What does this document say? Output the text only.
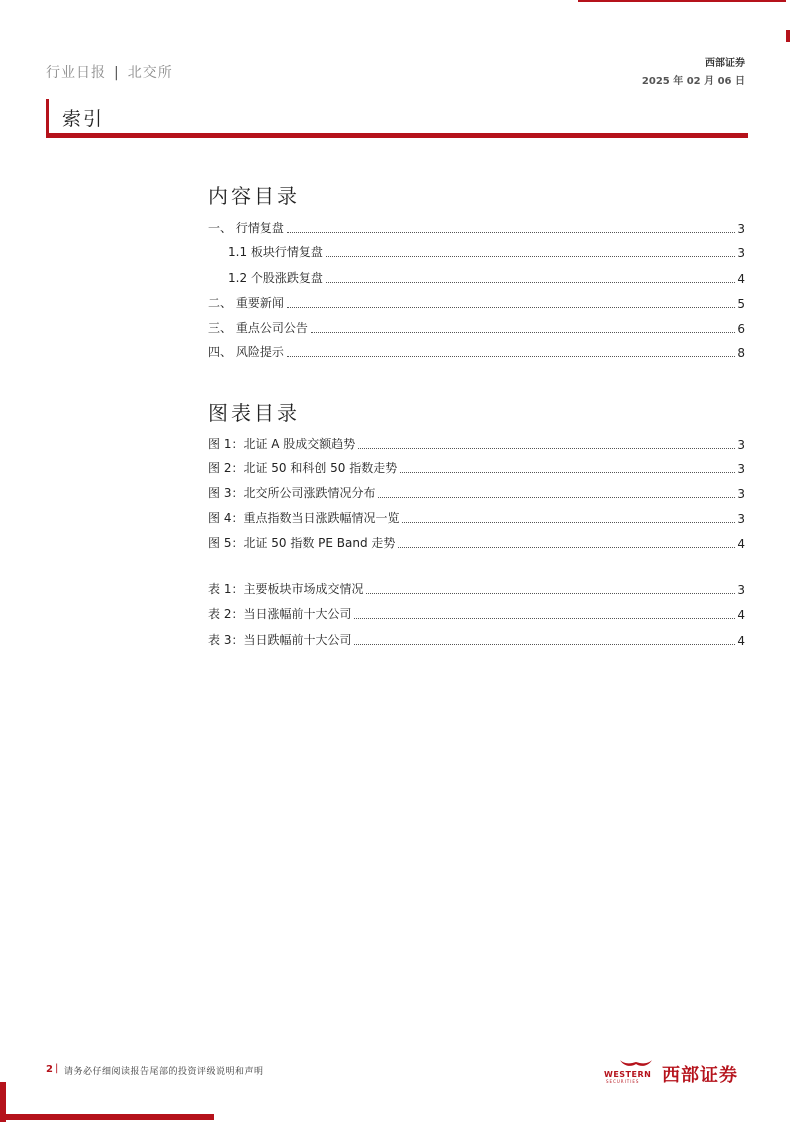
行业日报 | 北交所
西部证券
2025 年 02 月 06 日
索引
内容目录
一、 行情复盘	3
1.1 板块行情复盘	3
1.2 个股涨跌复盘	4
二、 重要新闻	5
三、 重点公司公告	6
四、 风险提示	8
图表目录
图 1：北证 A 股成交额趋势	3
图 2：北证 50 和科创 50 指数走势	3
图 3：北交所公司涨跌情况分布	3
图 4：重点指数当日涨跌幅情况一览	3
图 5：北证 50 指数 PE Band 走势	4
表 1：主要板块市场成交情况	3
表 2：当日涨幅前十大公司	4
表 3：当日跌幅前十大公司	4
2 | 请务必仔细阅读报告尾部的投资评级说明和声明	WESTERN
SECURITIES 西部证券
